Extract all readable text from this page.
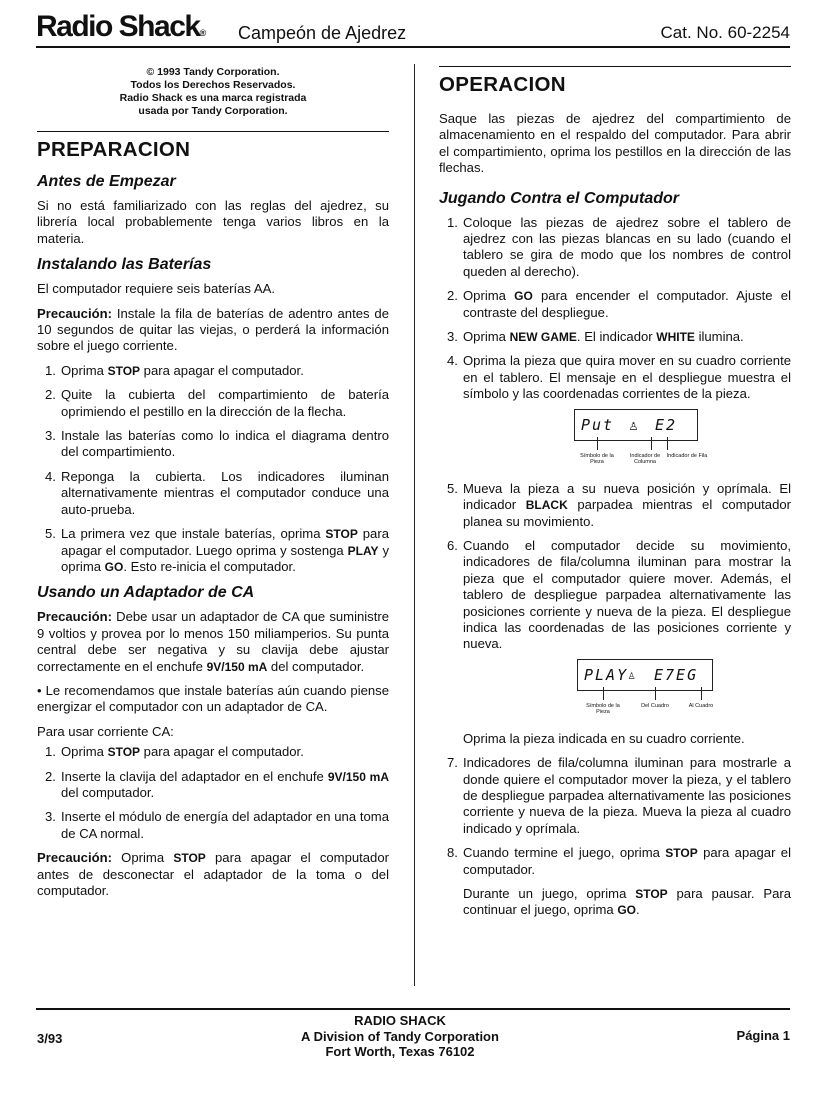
Radio Shack® Campeón de Ajedrez	Cat. No. 60-2254
© 1993 Tandy Corporation.
Todos los Derechos Reservados.
Radio Shack es una marca registrada
usada por Tandy Corporation.
PREPARACION
Antes de Empezar

Si no está familiarizado con las reglas del ajedrez, su librería local probablemente tenga varios libros en la materia.

Instalando las Baterías

El computador requiere seis baterías AA.

Precaución: Instale la fila de baterías de adentro antes de 10 segundos de quitar las viejas, o perderá la información sobre el juego corriente.

1. Oprima STOP para apagar el computador.
2. Quite la cubierta del compartimiento de batería oprimiendo el pestillo en la dirección de la flecha.
3. Instale las baterías como lo indica el diagrama dentro del compartimiento.
4. Reponga la cubierta. Los indicadores iluminan alternativamente mientras el computador conduce una auto-prueba.
5. La primera vez que instale baterías, oprima STOP para apagar el computador. Luego oprima y sostenga PLAY y oprima GO. Esto re-inicia el computador.
Usando un Adaptador de CA

Precaución: Debe usar un adaptador de CA que suministre 9 voltios y provea por lo menos 150 miliamperios. Su punta central debe ser negativa y su clavija debe ajustar correctamente en el enchufe 9V/150 mA del computador.

• Le recomendamos que instale baterías aún cuando piense energizar el computador con un adaptador de CA.

Para usar corriente CA:

1. Oprima STOP para apagar el computador.
2. Inserte la clavija del adaptador en el enchufe 9V/150 mA del computador.
3. Inserte el módulo de energía del adaptador en una toma de CA normal.

Precaución: Oprima STOP para apagar el computador antes de desconectar el adaptador de la toma o del computador.

OPERACION

Saque las piezas de ajedrez del compartimiento de almacenamiento en el respaldo del computador. Para abrir el compartimiento, oprima los pestillos en la dirección de las flechas.

Jugando Contra el Computador
1. Coloque las piezas de ajedrez sobre el tablero de ajedrez con las piezas blancas en su lado (cuando el tablero se gira de modo que los nombres de control queden al derecho).
2. Oprima GO para encender el computador. Ajuste el contraste del despliegue.
3. Oprima NEW GAME. El indicador WHITE ilumina.
4. Oprima la pieza que quira mover en su cuadro corriente en el tablero. El mensaje en el despliegue muestra el símbolo y las coordenadas corrientes de la pieza.
Put ♙ E2
Símbolo de la Pieza
Indicador de Columna
Indicador de Fila
5. Mueva la pieza a su nueva posición y oprímala. El indicador BLACK parpadea mientras el computador planea su movimiento.
6. Cuando el computador decide su movimiento, indicadores de fila/columna iluminan para mostrar la pieza que el computador quiere mover. Además, el tablero de despliegue parpadea alternativamente las posiciones corriente y nueva de la pieza. El despliegue indica las coordenadas de las posiciones corriente y nueva.
PLAY ♙ E7EG
Símbolo de la Pieza
Del Cuadro	Al Cuadro

Oprima la pieza indicada en su cuadro corriente.

7. Indicadores de fila/columna iluminan para mostrarle a donde quiere el computador mover la pieza, y el tablero de despliegue parpadea alternativamente las posiciones corriente y nueva de la pieza. Mueva la pieza al cuadro indicado y oprímala.
8. Cuando termine el juego, oprima STOP para apagar el computador.

Durante un juego, oprima STOP para pausar. Para continuar el juego, oprima GO.

3/93
RADIO SHACK
A Division of Tandy Corporation
Fort Worth, Texas 76102
Página 1
